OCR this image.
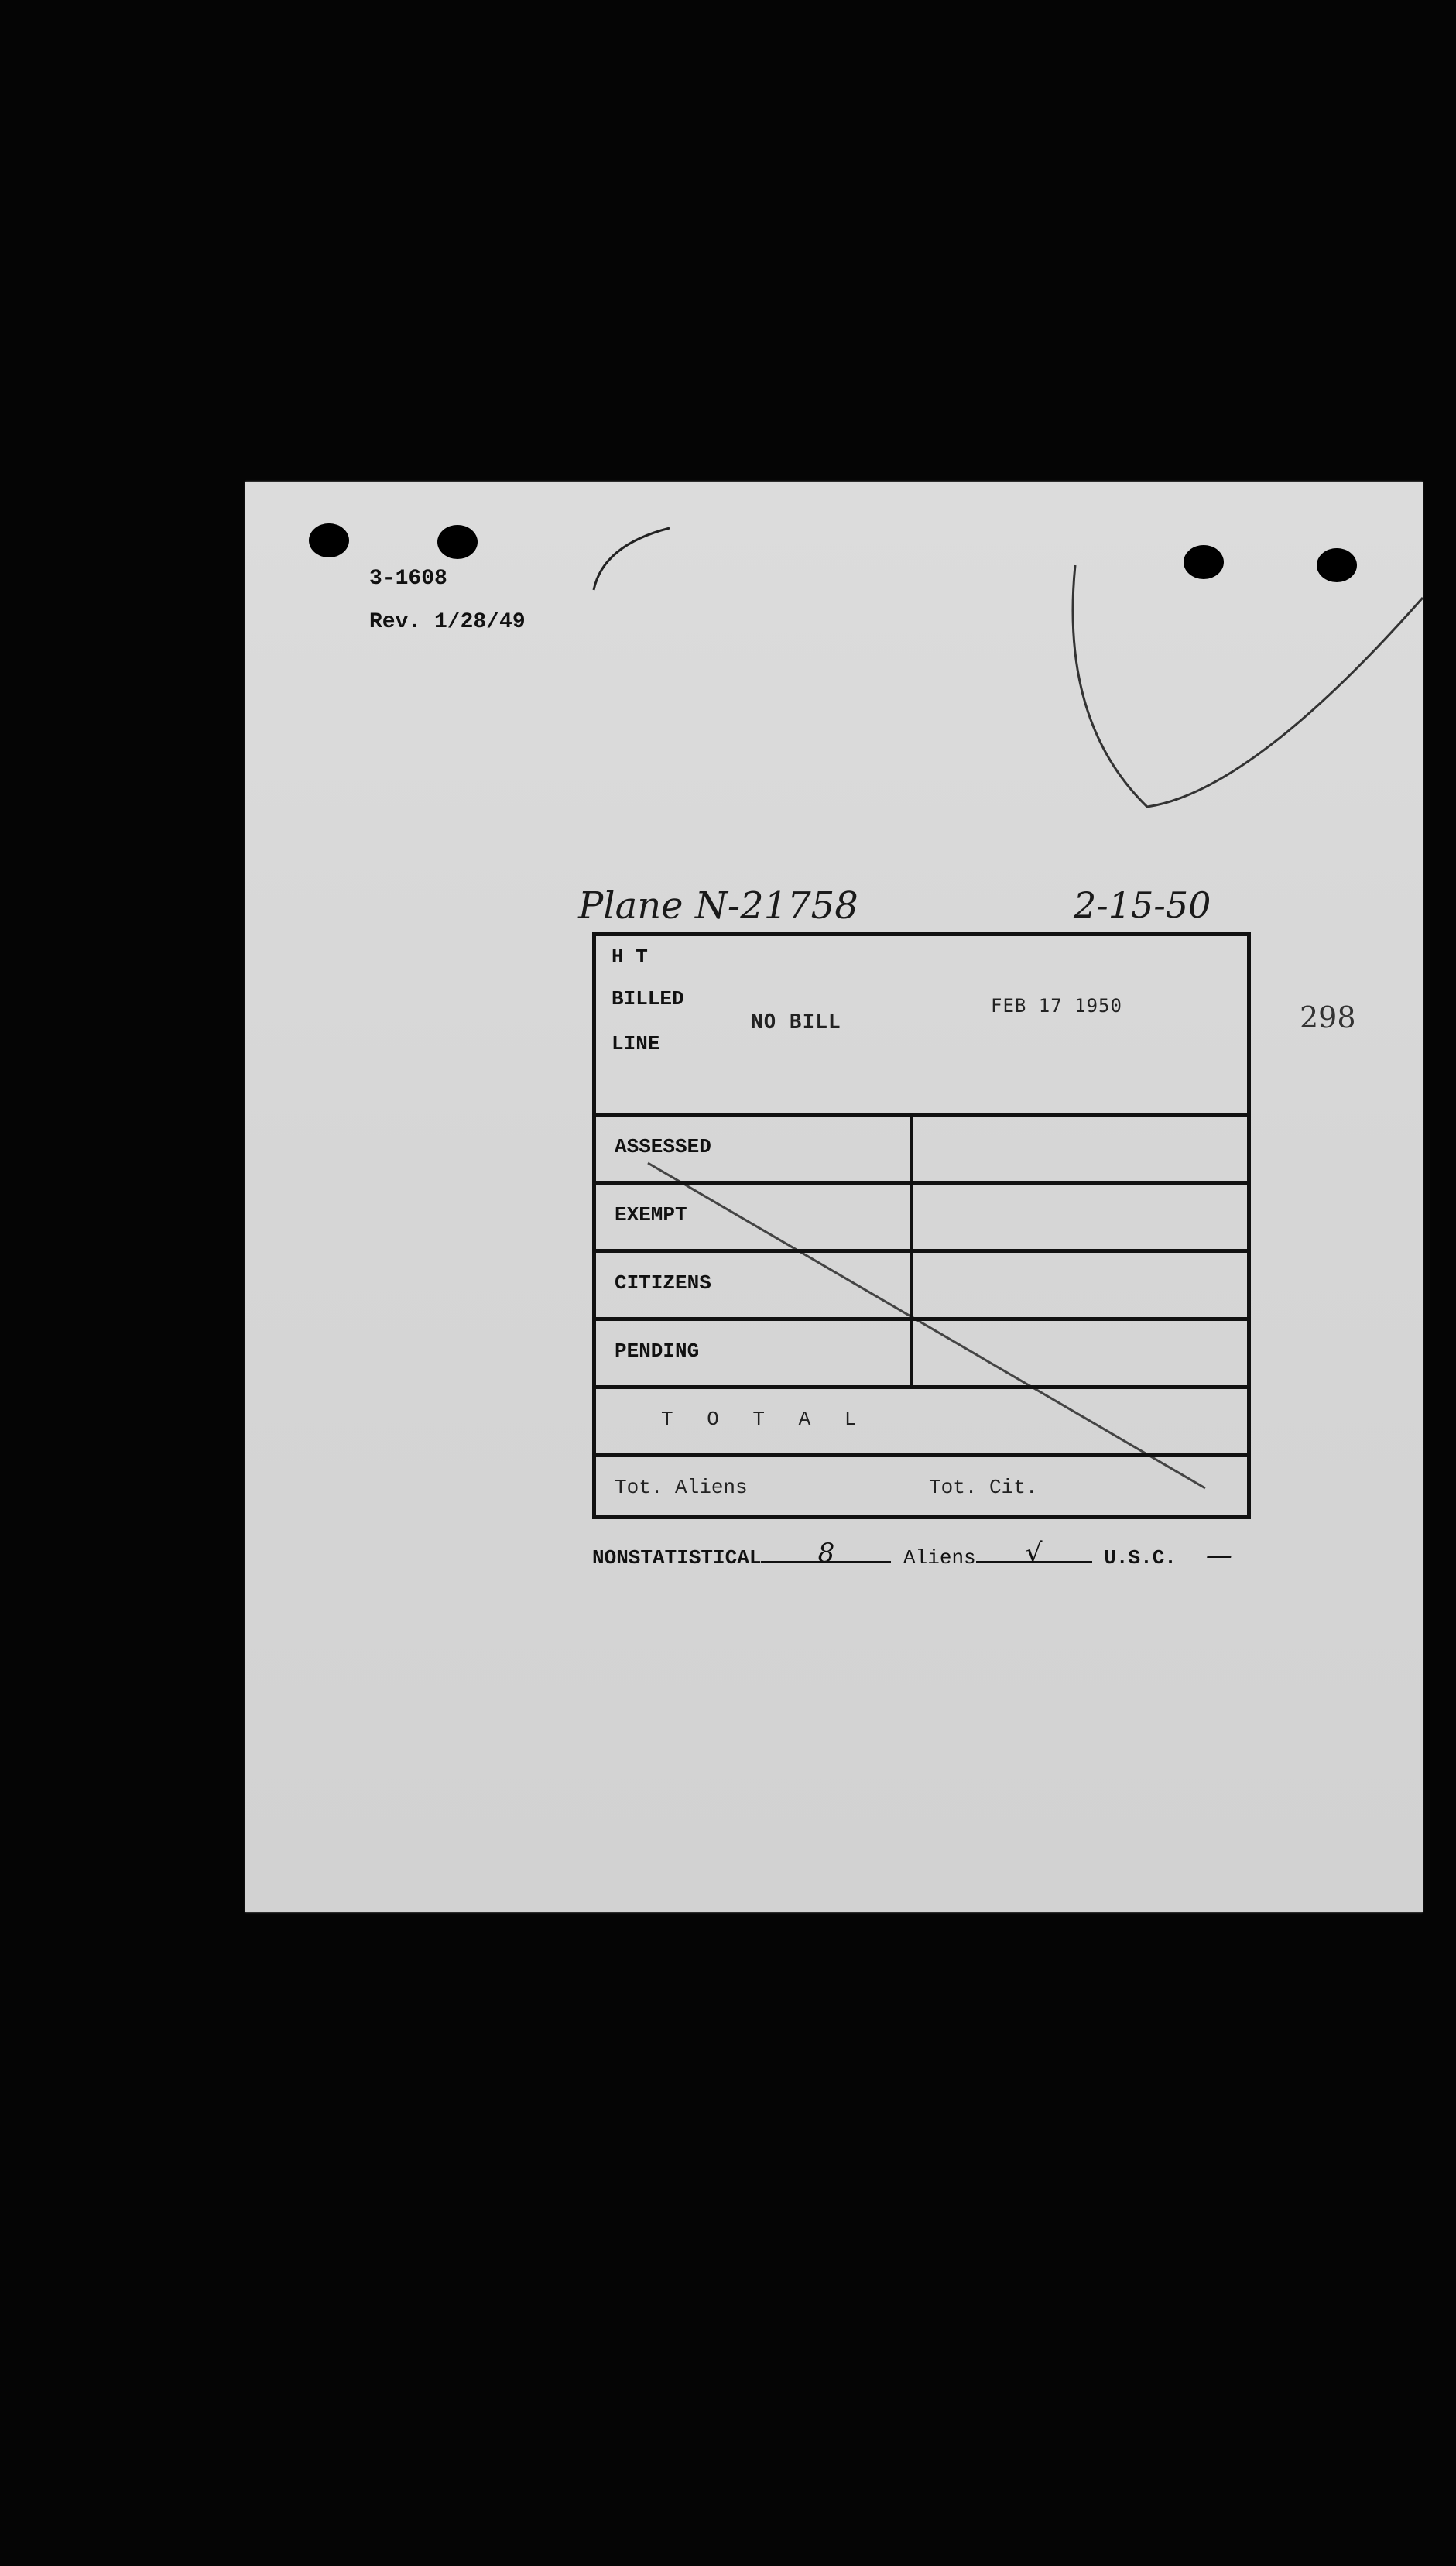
3-1608
Rev. 1/28/49
Plane N-21758	2-15-50
298
H T
BILLED
LINE
NO BILL
FEB 17 1950
ASSESSED
EXEMPT
CITIZENS
PENDING
T O T A L
Tot. Aliens	Tot. Cit.
NONSTATISTICAL	8	Aliens	√	U.S.C.	—
